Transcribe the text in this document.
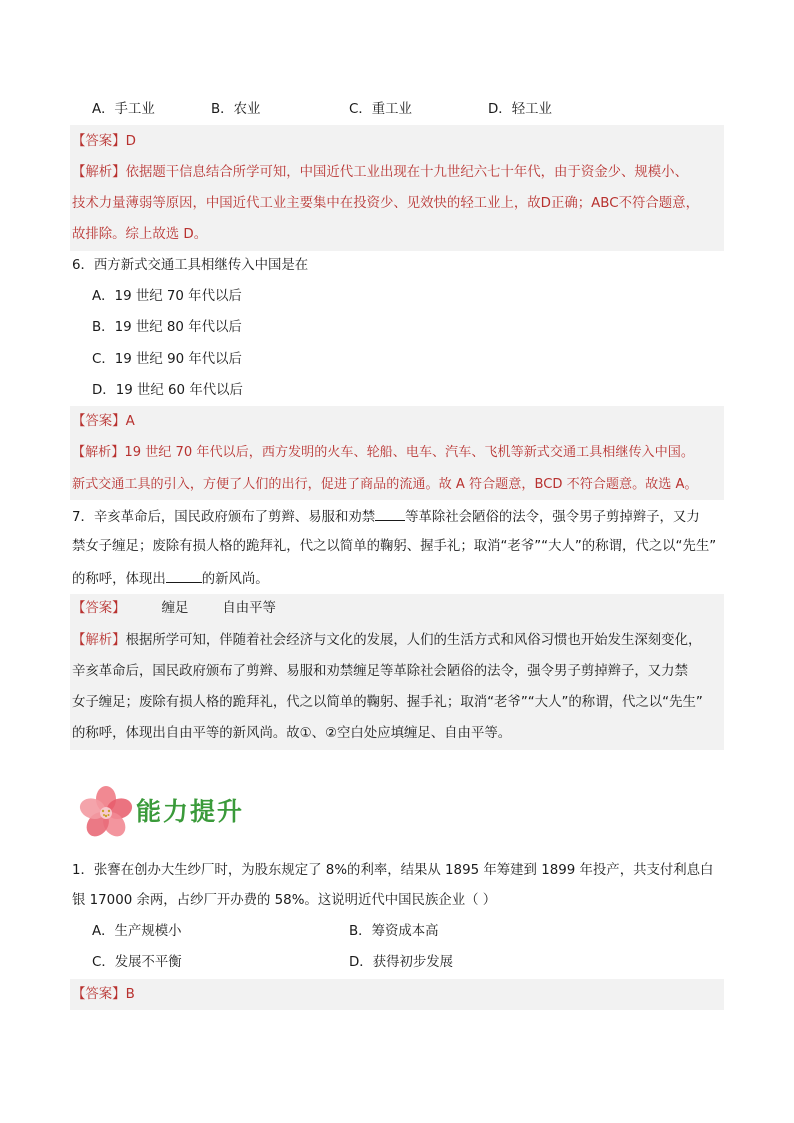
A．手工业	B．农业	C．重工业	D．轻工业
【答案】D
【解析】依据题干信息结合所学可知，中国近代工业出现在十九世纪六七十年代，由于资金少、规模小、
技术力量薄弱等原因，中国近代工业主要集中在投资少、见效快的轻工业上，故D正确；ABC不符合题意，
故排除。综上故选 D。
6．西方新式交通工具相继传入中国是在
A．19 世纪 70 年代以后
B．19 世纪 80 年代以后
C．19 世纪 90 年代以后
D．19 世纪 60 年代以后
【答案】A
【解析】19 世纪 70 年代以后，西方发明的火车、轮船、电车、汽车、飞机等新式交通工具相继传入中国。
新式交通工具的引入，方便了人们的出行，促进了商品的流通。故 A 符合题意，BCD 不符合题意。故选 A。
7．辛亥革命后，国民政府颁布了剪辫、易服和劝禁 等革除社会陋俗的法令，强令男子剪掉辫子，又力
禁女子缠足；废除有损人格的跪拜礼，代之以简单的鞠躬、握手礼；取消“老爷”“大人”的称谓，代之以“先生”
的称呼，体现出	的新风尚。
【答案】	缠足	自由平等
【解析】根据所学可知，伴随着社会经济与文化的发展，人们的生活方式和风俗习惯也开始发生深刻变化，
辛亥革命后，国民政府颁布了剪辫、易服和劝禁缠足等革除社会陋俗的法令，强令男子剪掉辫子，又力禁
女子缠足；废除有损人格的跪拜礼，代之以简单的鞠躬、握手礼；取消“老爷”“大人”的称谓，代之以“先生”
的称呼，体现出自由平等的新风尚。故①、②空白处应填缠足、自由平等。
能力提升
1．张謇在创办大生纱厂时，为股东规定了 8%的利率，结果从 1895 年筹建到 1899 年投产，共支付利息白
银 17000 余两，占纱厂开办费的 58%。这说明近代中国民族企业（ ）
A．生产规模小	B．筹资成本高
C．发展不平衡	D．获得初步发展
【答案】B
